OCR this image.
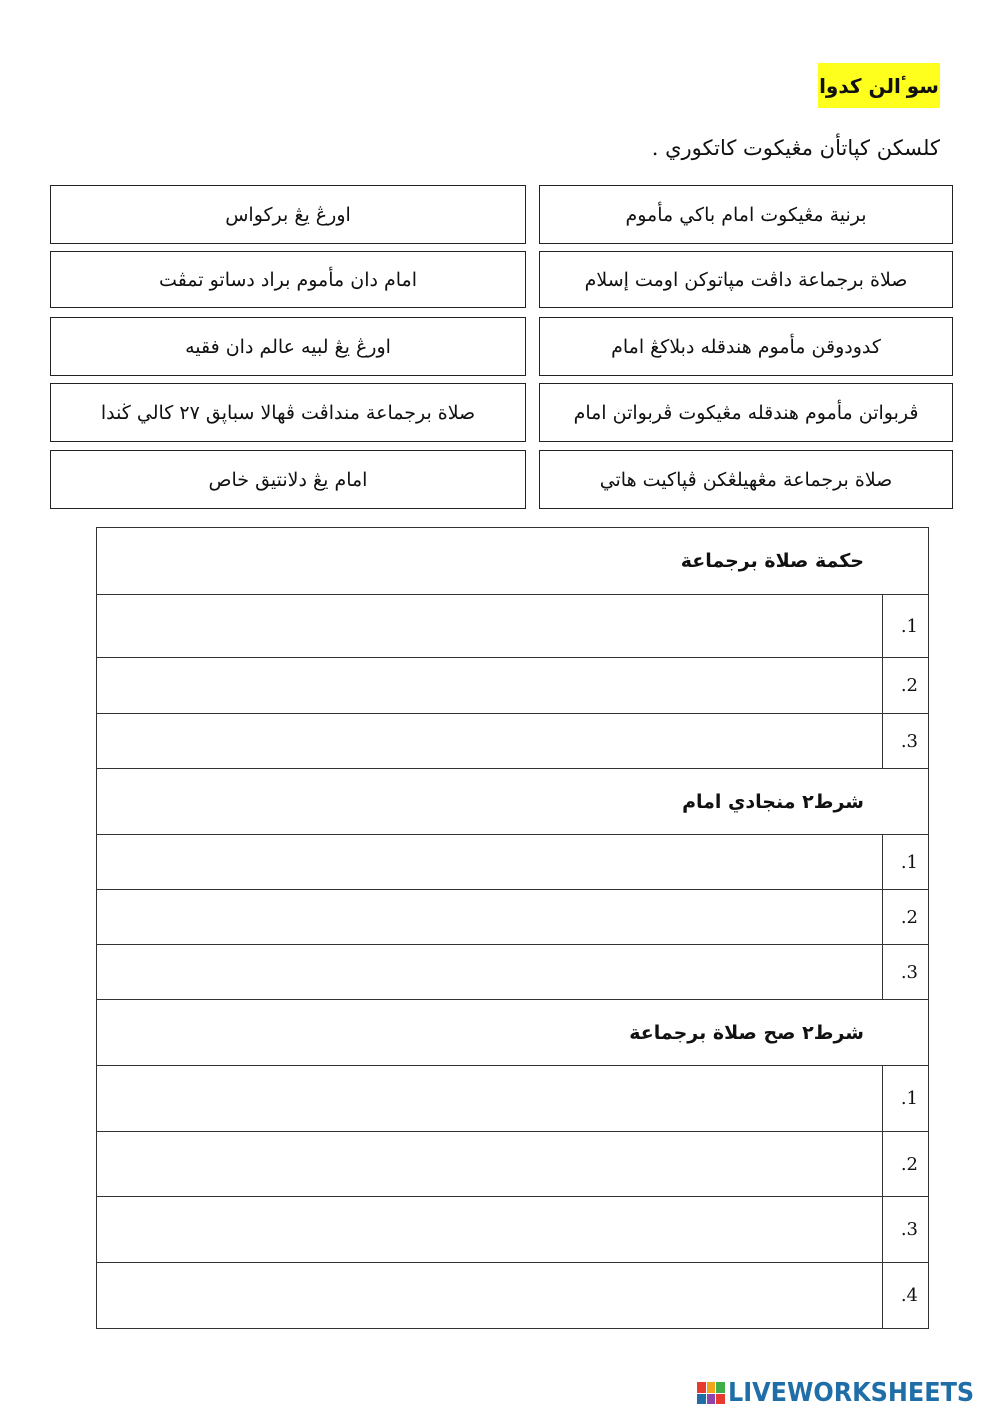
سوٴالن كدوا
كلسكن كپاتأن مڠيكوت كاتكوري .
برنية مڠيكوت امام باكي مأموم
صلاة برجماعة داڤت مپاتوكن اومت إسلام
كدودوقن مأموم هندقله دبلاكڠ امام
ڤربواتن مأموم هندقله مڠيكوت ڤربواتن امام
صلاة برجماعة مڠهيلڠكن ڤپاكيت هاتي
اورڠ يڠ بركواس
امام دان مأموم براد دساتو تمڤت
اورڠ يڠ لبيه عالم دان فقيه
صلاة برجماعة منداڤت ڤهالا سباپق ٢٧ كالي ڬندا
امام يڠ دلانتيق خاص
حكمة صلاة برجماعة	
	.1
	.2
	.3
شرط٢ منجادي امام	
	.1
	.2
	.3
شرط٢ صح صلاة برجماعة	
	.1
	.2
	.3
	.4
LIVEWORKSHEETS
